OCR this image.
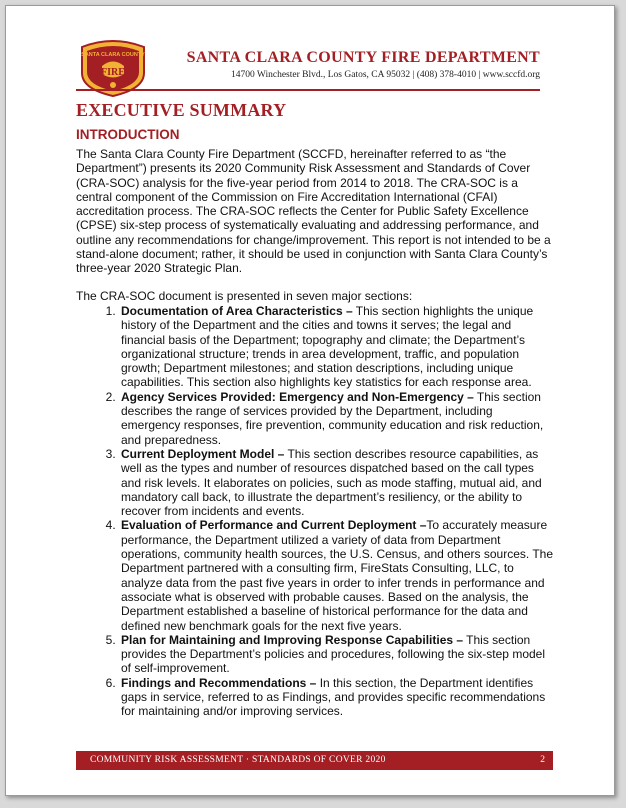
SANTA CLARA COUNTY
FIRE
SANTA CLARA COUNTY FIRE DEPARTMENT
14700 Winchester Blvd., Los Gatos, CA 95032 | (408) 378-4010 | www.sccfd.org
EXECUTIVE SUMMARY
INTRODUCTION

The Santa Clara County Fire Department (SCCFD, hereinafter referred to as “the Department”) presents its 2020 Community Risk Assessment and Standards of Cover (CRA-SOC) analysis for the five-year period from 2014 to 2018. The CRA-SOC is a central component of the Commission on Fire Accreditation International (CFAI) accreditation process. The CRA-SOC reflects the Center for Public Safety Excellence (CPSE) six-step process of systematically evaluating and addressing performance, and outline any recommendations for change/improvement. This report is not intended to be a stand-alone document; rather, it should be used in conjunction with Santa Clara County’s three-year 2020 Strategic Plan.

The CRA-SOC document is presented in seven major sections:

1. Documentation of Area Characteristics – This section highlights the unique history of the Department and the cities and towns it serves; the legal and financial basis of the Department; topography and climate; the Department’s organizational structure; trends in area development, traffic, and population growth; Department milestones; and station descriptions, including unique capabilities. This section also highlights key statistics for each response area.
2. Agency Services Provided: Emergency and Non-Emergency – This section describes the range of services provided by the Department, including emergency responses, fire prevention, community education and risk reduction, and preparedness.
3. Current Deployment Model – This section describes resource capabilities, as well as the types and number of resources dispatched based on the call types and risk levels. It elaborates on policies, such as mode staffing, mutual aid, and mandatory call back, to illustrate the department’s resiliency, or the ability to recover from incidents and events.
4. Evaluation of Performance and Current Deployment –To accurately measure performance, the Department utilized a variety of data from Department operations, community health sources, the U.S. Census, and others sources. The Department partnered with a consulting firm, FireStats Consulting, LLC, to analyze data from the past five years in order to infer trends in performance and associate what is observed with probable causes. Based on the analysis, the Department established a baseline of historical performance for the data and defined new benchmark goals for the next five years.
5. Plan for Maintaining and Improving Response Capabilities – This section provides the Department’s policies and procedures, following the six-step model of self-improvement.
6. Findings and Recommendations – In this section, the Department identifies gaps in service, referred to as Findings, and provides specific recommendations for maintaining and/or improving services.
COMMUNITY RISK ASSESSMENT · STANDARDS OF COVER 2020	2
